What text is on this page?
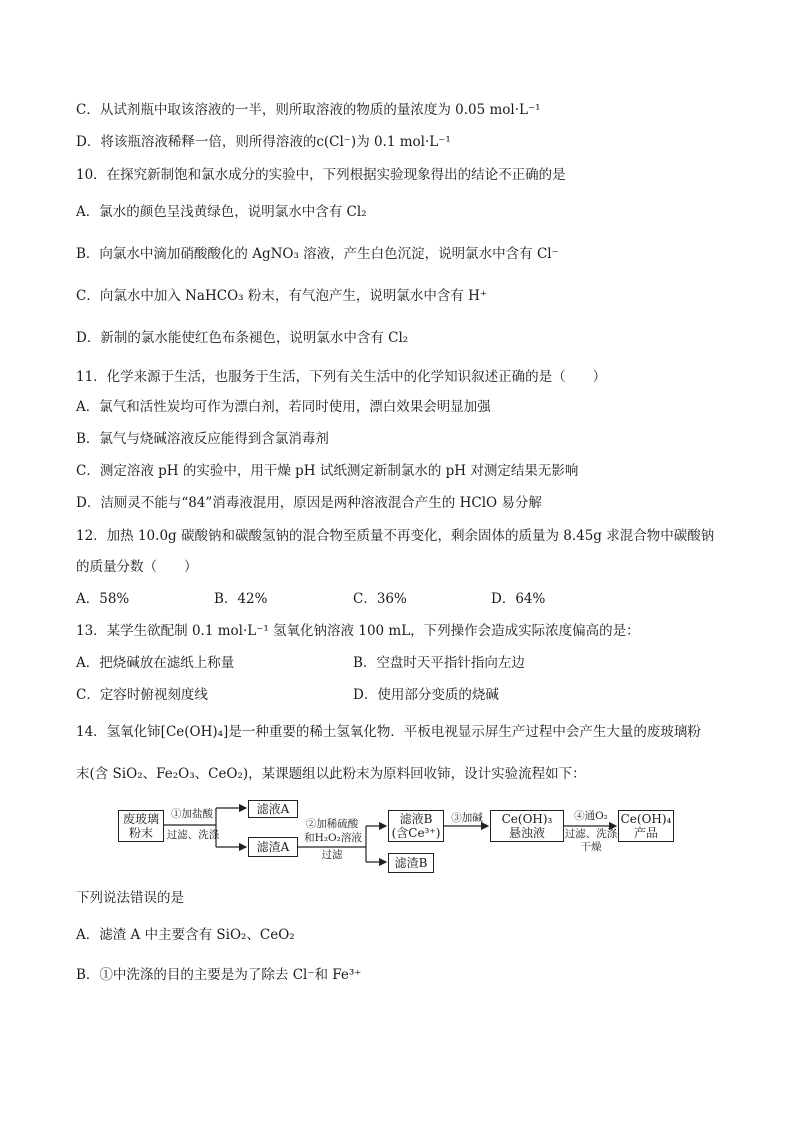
C．从试剂瓶中取该溶液的一半，则所取溶液的物质的量浓度为 0.05 mol·L⁻¹
D．将该瓶溶液稀释一倍，则所得溶液的c(Cl⁻)为 0.1 mol·L⁻¹
10．在探究新制饱和氯水成分的实验中，下列根据实验现象得出的结论不正确的是
A．氯水的颜色呈浅黄绿色，说明氯水中含有 Cl₂
B．向氯水中滴加硝酸酸化的 AgNO₃ 溶液，产生白色沉淀，说明氯水中含有 Cl⁻
C．向氯水中加入 NaHCO₃ 粉末，有气泡产生，说明氯水中含有 H⁺
D．新制的氯水能使红色布条褪色，说明氯水中含有 Cl₂
11．化学来源于生活，也服务于生活，下列有关生活中的化学知识叙述正确的是（　　）
A．氯气和活性炭均可作为漂白剂，若同时使用，漂白效果会明显加强
B．氯气与烧碱溶液反应能得到含氯消毒剂
C．测定溶液 pH 的实验中，用干燥 pH 试纸测定新制氯水的 pH 对测定结果无影响
D．洁厕灵不能与“84”消毒液混用，原因是两种溶液混合产生的 HClO 易分解
12．加热 10.0g 碳酸钠和碳酸氢钠的混合物至质量不再变化，剩余固体的质量为 8.45g 求混合物中碳酸钠
的质量分数（　　）
A．58%	B．42%	C．36%	D．64%
13．某学生欲配制 0.1 mol·L⁻¹ 氢氧化钠溶液 100 mL，下列操作会造成实际浓度偏高的是：
A．把烧碱放在滤纸上称量	B．空盘时天平指针指向左边
C．定容时俯视刻度线	D．使用部分变质的烧碱
14．氢氧化铈[Ce(OH)₄]是一种重要的稀土氢氧化物．平板电视显示屏生产过程中会产生大量的废玻璃粉
末(含 SiO₂、Fe₂O₃、CeO₂)，某课题组以此粉末为原料回收铈，设计实验流程如下：
废玻璃
粉末
①加盐酸
过滤、洗涤
滤液A
滤渣A
②加稀硫酸
和H₂O₂溶液
过滤
滤液B
(含Ce³⁺)
滤渣B
③加碱	Ce(OH)₃
悬浊液
④通O₂
过滤、洗涤
干燥
Ce(OH)₄
产品
下列说法错误的是
A．滤渣 A 中主要含有 SiO₂、CeO₂
B．①中洗涤的目的主要是为了除去 Cl⁻和 Fe³⁺
